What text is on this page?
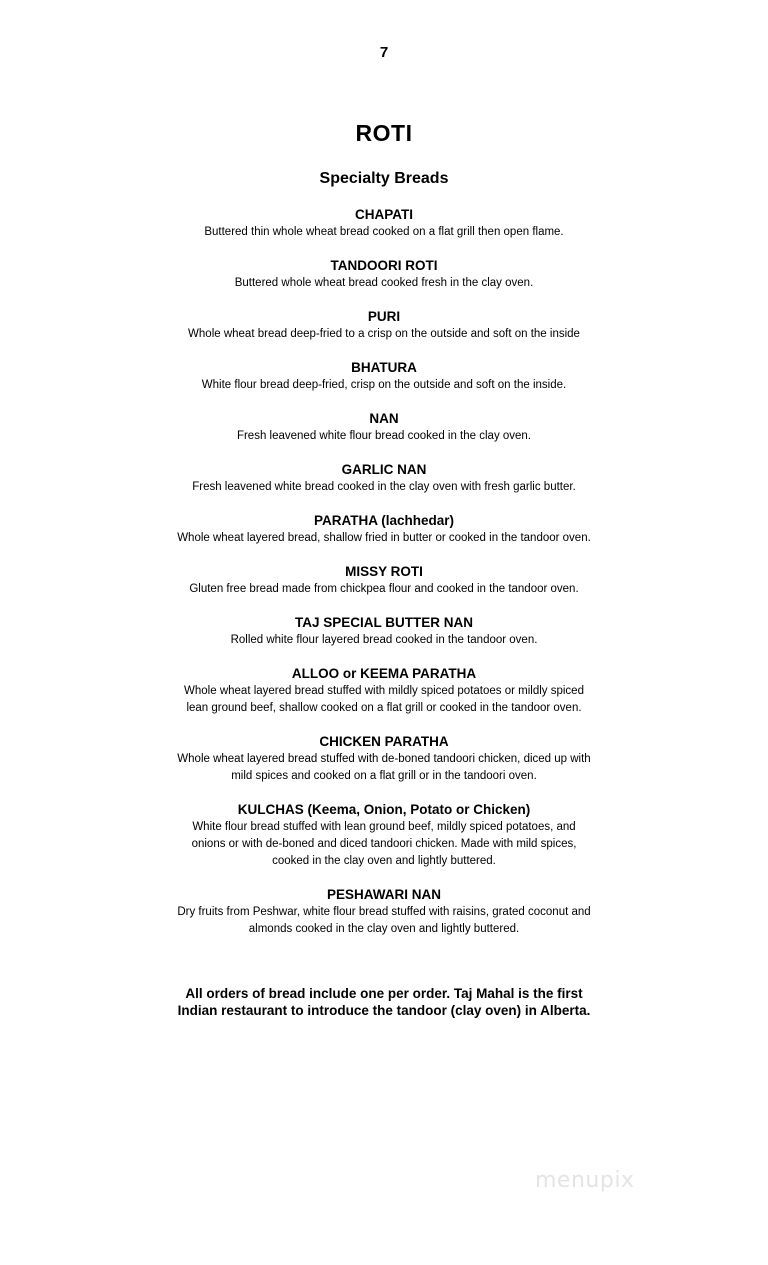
7
ROTI
Specialty Breads
CHAPATI
Buttered thin whole wheat bread cooked on a flat grill then open flame.
TANDOORI ROTI
Buttered whole wheat bread cooked fresh in the clay oven.
PURI
Whole wheat bread deep-fried to a crisp on the outside and soft on the inside
BHATURA
White flour bread deep-fried, crisp on the outside and soft on the inside.
NAN
Fresh leavened white flour bread cooked in the clay oven.
GARLIC NAN
Fresh leavened white bread cooked in the clay oven with fresh garlic butter.
PARATHA (lachhedar)
Whole wheat layered bread, shallow fried in butter or cooked in the tandoor oven.
MISSY ROTI
Gluten free bread made from chickpea flour and cooked in the tandoor oven.
TAJ SPECIAL BUTTER NAN
Rolled white flour layered bread cooked in the tandoor oven.
ALLOO or KEEMA PARATHA
Whole wheat layered bread stuffed with mildly spiced potatoes or mildly spiced lean ground beef, shallow cooked on a flat grill or cooked in the tandoor oven.
CHICKEN PARATHA
Whole wheat layered bread stuffed with de-boned tandoori chicken, diced up with mild spices and cooked on a flat grill or in the tandoori oven.
KULCHAS (Keema, Onion, Potato or Chicken)
White flour bread stuffed with lean ground beef, mildly spiced potatoes, and onions or with de-boned and diced tandoori chicken. Made with mild spices, cooked in the clay oven and lightly buttered.
PESHAWARI NAN
Dry fruits from Peshwar, white flour bread stuffed with raisins, grated coconut and almonds cooked in the clay oven and lightly buttered.
All orders of bread include one per order. Taj Mahal is the first Indian restaurant to introduce the tandoor (clay oven) in Alberta.
menupix
